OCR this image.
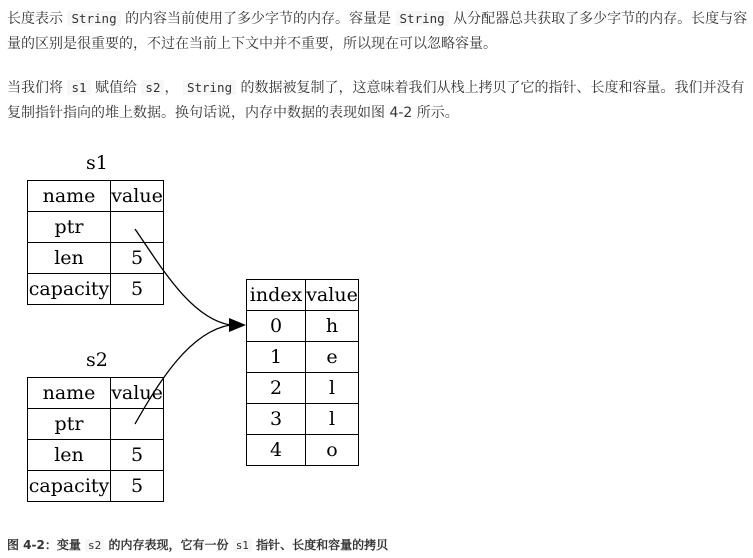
长度表示 String 的内容当前使用了多少字节的内存。容量是 String 从分配器总共获取了多少字节的内存。长度与容量的区别是很重要的，不过在当前上下文中并不重要，所以现在可以忽略容量。

当我们将 s1 赋值给 s2 ， String 的数据被复制了，这意味着我们从栈上拷贝了它的指针、长度和容量。我们并没有复制指针指向的堆上数据。换句话说，内存中数据的表现如图 4-2 所示。

s1
name	value
ptr	
len	5
capacity	5
s2
name	value
ptr	
len	5
capacity	5
index	value
0	h
1	e
2	l
3	l
4	o
图 4-2：变量 s2 的内存表现，它有一份 s1 指针、长度和容量的拷贝
